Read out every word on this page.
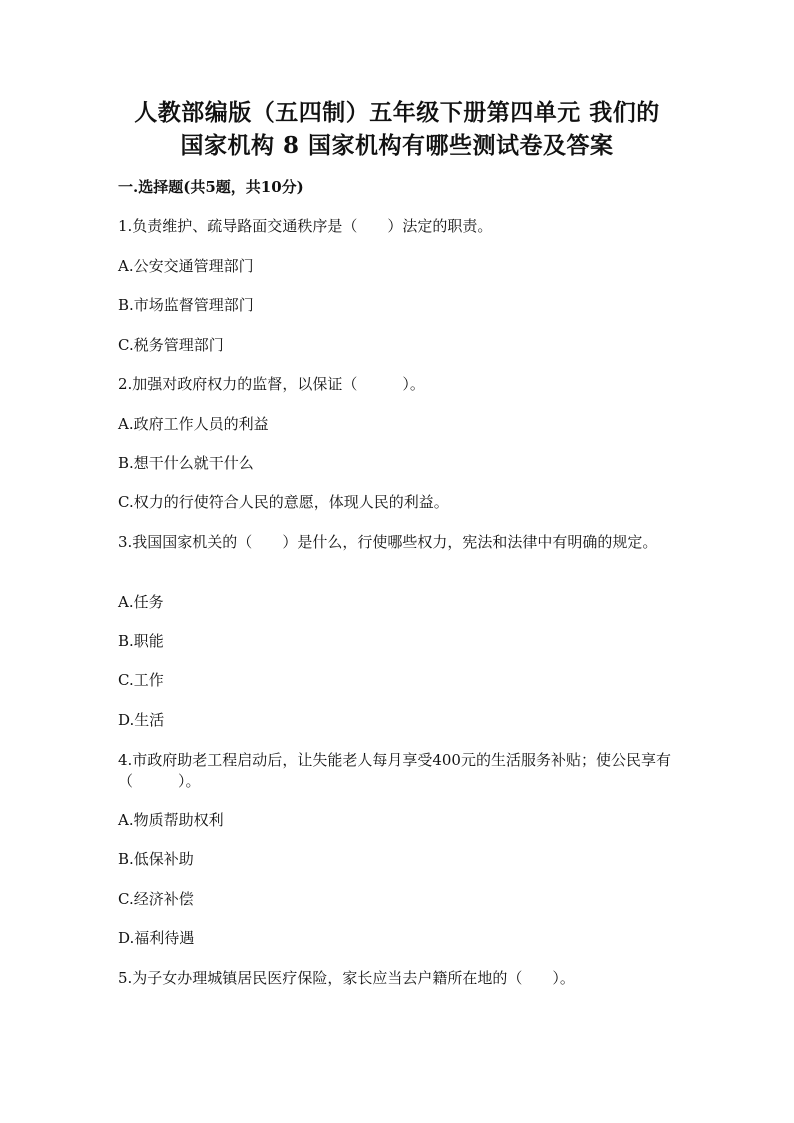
人教部编版（五四制）五年级下册第四单元 我们的
国家机构 8 国家机构有哪些测试卷及答案
一.选择题(共5题，共10分)
1.负责维护、疏导路面交通秩序是（　　）法定的职责。
A.公安交通管理部门
B.市场监督管理部门
C.税务管理部门
2.加强对政府权力的监督，以保证（　　　）。
A.政府工作人员的利益
B.想干什么就干什么
C.权力的行使符合人民的意愿，体现人民的利益。
3.我国国家机关的（　　）是什么，行使哪些权力，宪法和法律中有明确的规定。
A.任务
B.职能
C.工作
D.生活
4.市政府助老工程启动后，让失能老人每月享受400元的生活服务补贴；使公民享有（　　　）。
A.物质帮助权利
B.低保补助
C.经济补偿
D.福利待遇
5.为子女办理城镇居民医疗保险，家长应当去户籍所在地的（　　）。
